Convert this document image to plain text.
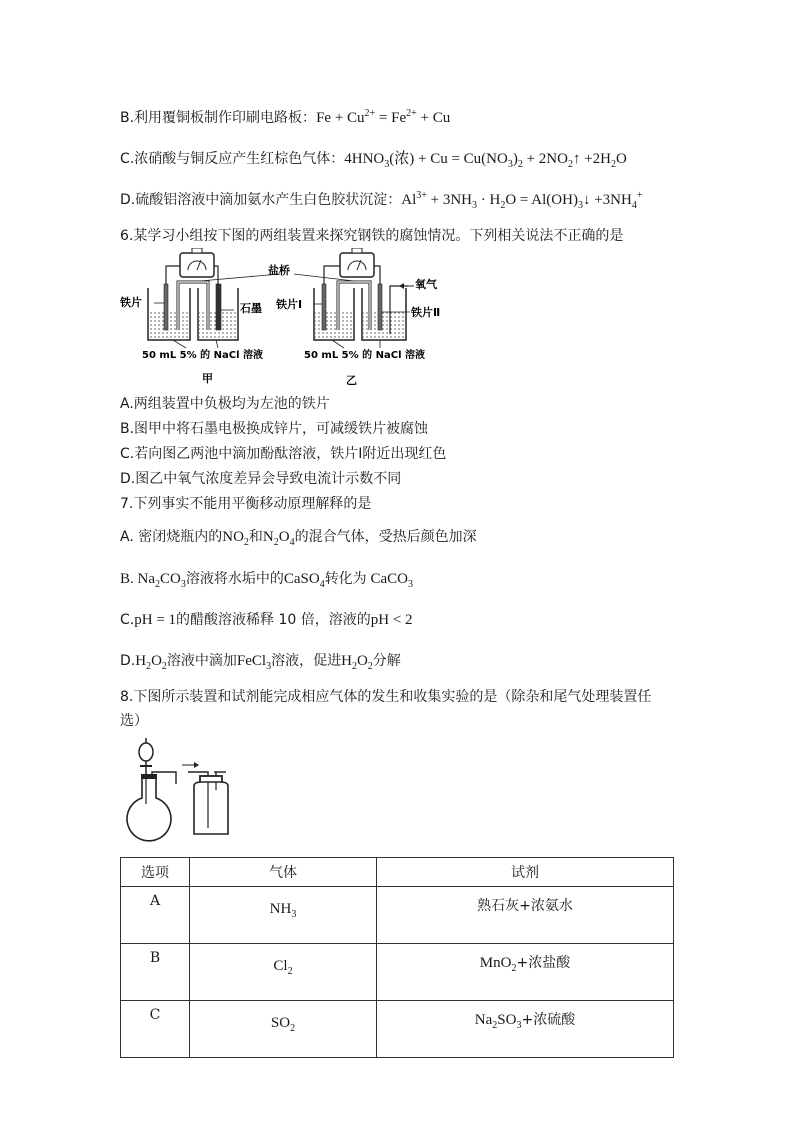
B.利用覆铜板制作印刷电路板：$Fe + Cu^{2+} = Fe^{2+} + Cu$
C.浓硝酸与铜反应产生红棕色气体：$4HNO_3$(浓) + $Cu = Cu(NO_3)_2$ + $2NO_2↑ +2H_2O$
D.硫酸铝溶液中滴加氨水产生白色胶状沉淀：$Al^{3+} + 3NH_3 \cdot H_2O$ = $Al(OH)_3↓ +3NH_4^+$
6.某学习小组按下图的两组装置来探究钢铁的腐蚀情况。下列相关说法不正确的是
盐桥
铁片	石墨 铁片Ⅰ
氧气
铁片Ⅱ
50 mL 5% 的 NaCl 溶液	50 mL 5% 的 NaCl 溶液
甲	乙
A.两组装置中负极均为左池的铁片
B.图甲中将石墨电极换成锌片，可减缓铁片被腐蚀
C.若向图乙两池中滴加酚酞溶液，铁片Ⅰ附近出现红色
D.图乙中氧气浓度差异会导致电流计示数不同
7.下列事实不能用平衡移动原理解释的是
A. 密闭烧瓶内的$NO_2$和$N_2O_4$的混合气体，受热后颜色加深
B. $Na_2CO_3$溶液将水垢中的CaSO$_4$转化为 CaCO$_3$
C.pH = 1的醋酸溶液稀释 10 倍，溶液的pH < 2
$D.H_2O_2$溶液中滴加FeCl$_3$溶液，促进$H_2O_2$分解
8.下图所示装置和试剂能完成相应气体的发生和收集实验的是（除杂和尾气处理装置任
选）
选项	气体	试剂
A	$NH_3$	熟石灰+浓氨水
B	$Cl_2$	MnO$_2$+浓盐酸
C	$SO_2$	$Na_2SO_3+$浓硫酸
